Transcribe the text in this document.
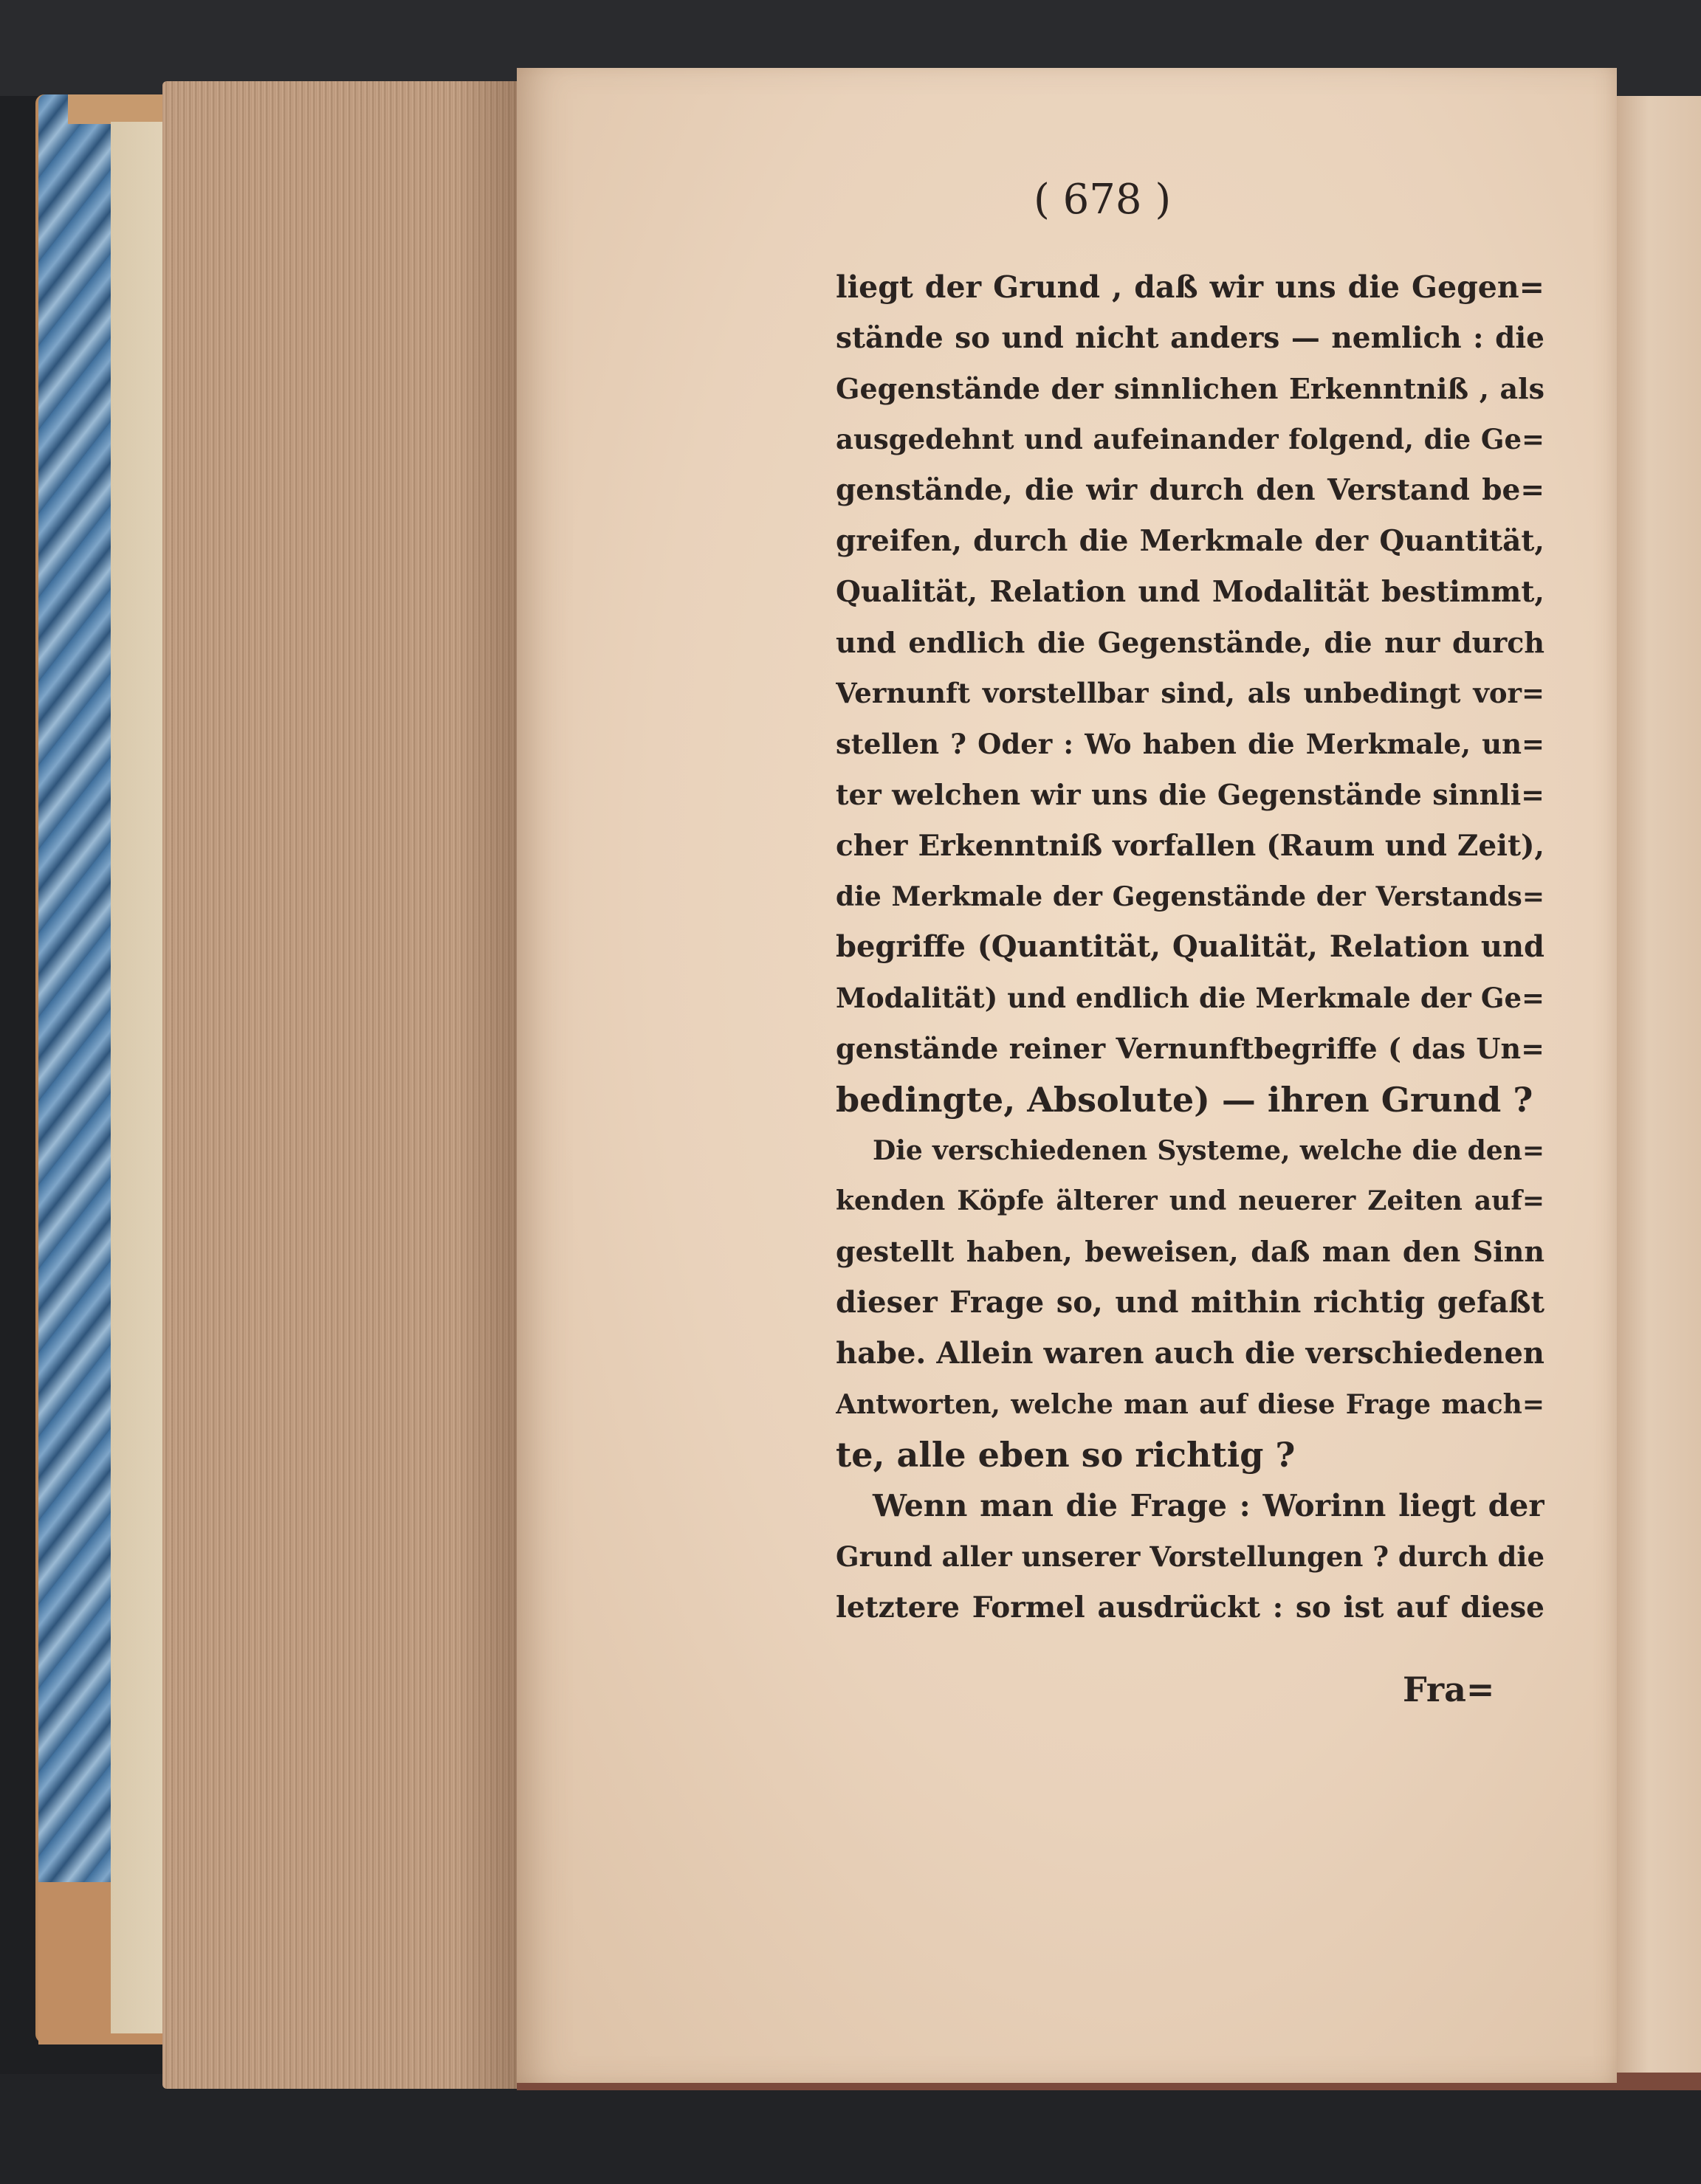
( 678 )
liegt der Grund , daß wir uns die Gegen=
stände so und nicht anders — nemlich : die
Gegenstände der sinnlichen Erkenntniß , als
ausgedehnt und aufeinander folgend, die Ge=
genstände, die wir durch den Verstand be=
greifen, durch die Merkmale der Quantität,
Qualität, Relation und Modalität bestimmt,
und endlich die Gegenstände, die nur durch
Vernunft vorstellbar sind, als unbedingt vor=
stellen ? Oder : Wo haben die Merkmale, un=
ter welchen wir uns die Gegenstände sinnli=
cher Erkenntniß vorfallen (Raum und Zeit),
die Merkmale der Gegenstände der Verstands=
begriffe (Quantität, Qualität, Relation und
Modalität) und endlich die Merkmale der Ge=
genstände reiner Vernunftbegriffe ( das Un=
bedingte, Absolute) — ihren Grund ?
Die verschiedenen Systeme, welche die den=
kenden Köpfe älterer und neuerer Zeiten auf=
gestellt haben, beweisen, daß man den Sinn
dieser Frage so, und mithin richtig gefaßt
habe. Allein waren auch die verschiedenen
Antworten, welche man auf diese Frage mach=
te, alle eben so richtig ?
Wenn man die Frage : Worinn liegt der
Grund aller unserer Vorstellungen ? durch die
letztere Formel ausdrückt : so ist auf diese
Fra=
